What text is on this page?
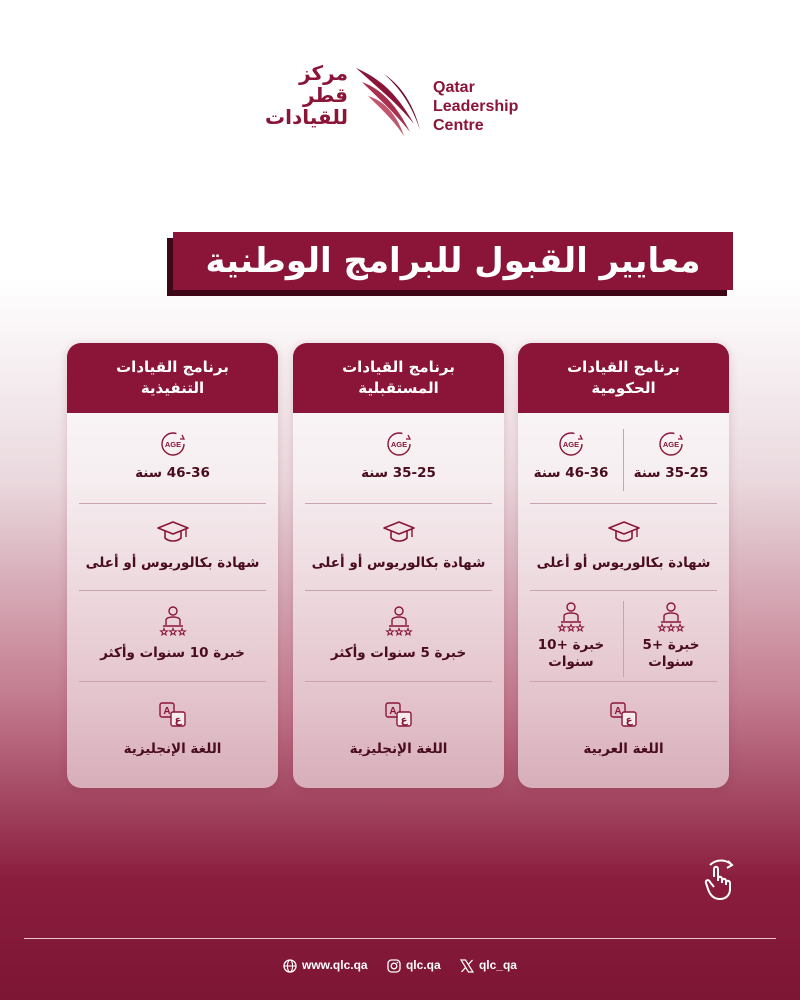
مركز
قطر
للقيادات
Qatar
Leadership
Centre
معايير القبول للبرامج الوطنية
برنامج القيادات
الحكومية
AGE
35-25 سنة
AGE
46-36 سنة
شهادة بكالوريوس أو أعلى
خبرة +5
سنوات
خبرة +10
سنوات
A
ع
اللغة العربية
برنامج القيادات
المستقبلية
AGE
35-25 سنة
شهادة بكالوريوس أو أعلى
خبرة 5 سنوات وأكثر
A
ع
اللغة الإنجليزية
برنامج القيادات
التنفيذية
AGE
46-36 سنة
شهادة بكالوريوس أو أعلى
خبرة 10 سنوات وأكثر
A
ع
اللغة الإنجليزية
www.qlc.qa	qlc.qa	qlc_qa
